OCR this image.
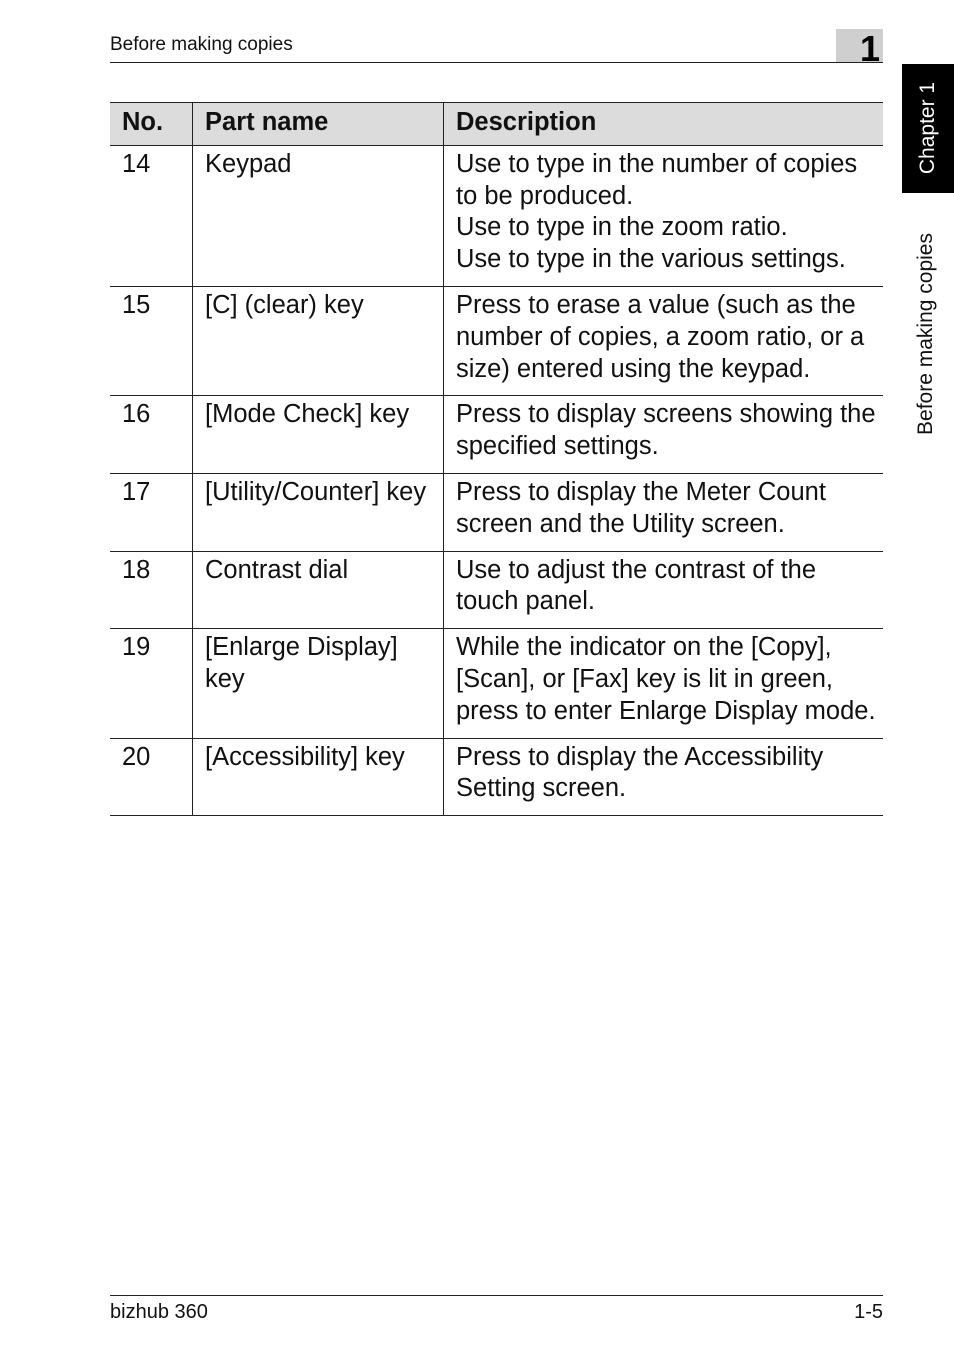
Before making copies	1
Chapter 1
Before making copies
No.	Part name	Description
14	Keypad	Use to type in the number of copies to be produced.
Use to type in the zoom ratio.
Use to type in the various settings.

15	[C] (clear) key	Press to erase a value (such as the number of copies, a zoom ratio, or a size) entered using the keypad.

16	[Mode Check] key	Press to display screens showing the specified settings.

17	[Utility/Counter] key	Press to display the Meter Count screen and the Utility screen.

18	Contrast dial	Use to adjust the contrast of the touch panel.

19	[Enlarge Display] key	While the indicator on the [Copy], [Scan], or [Fax] key is lit in green, press to enter Enlarge Display mode.

20	[Accessibility] key	Press to display the Accessibility Setting screen.
bizhub 360	1-5
